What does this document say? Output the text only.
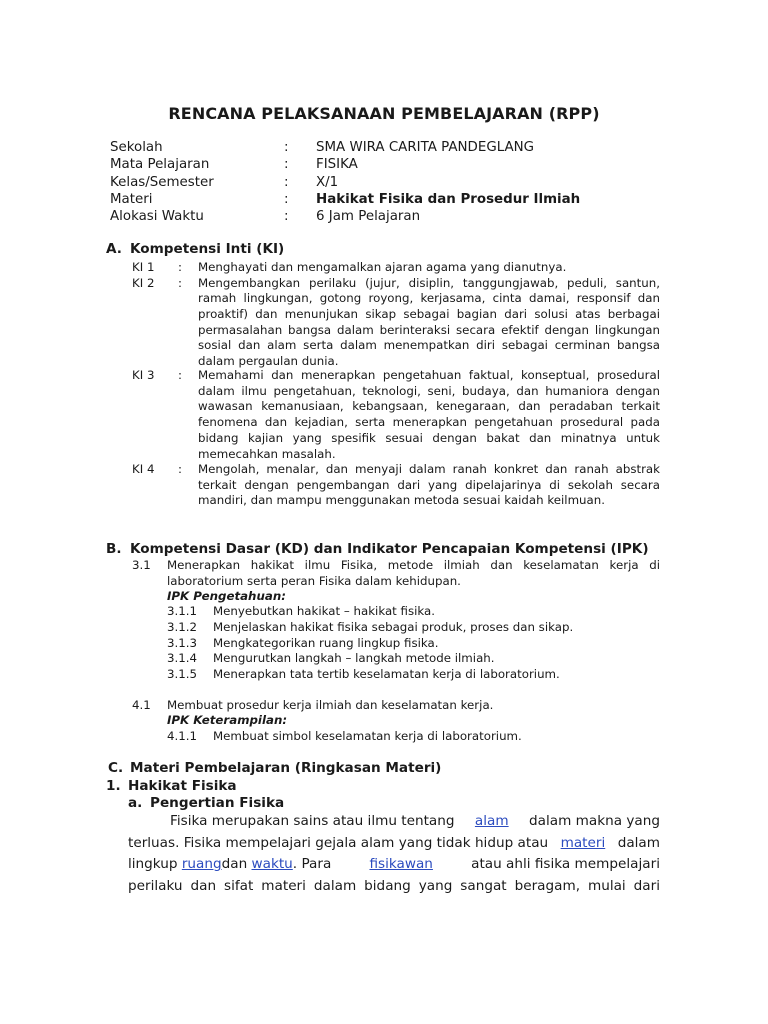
RENCANA PELAKSANAAN PEMBELAJARAN (RPP)
Sekolah	: SMA WIRA CARITA PANDEGLANG
Mata Pelajaran	: FISIKA
Kelas/Semester	: X/1
Materi	: Hakikat Fisika dan Prosedur Ilmiah
Alokasi Waktu	: 6 Jam Pelajaran
A. Kompetensi Inti (KI)
KI 1 : Menghayati dan mengamalkan ajaran agama yang dianutnya.
KI 2 : Mengembangkan perilaku (jujur, disiplin, tanggungjawab, peduli, santun, ramah lingkungan, gotong royong, kerjasama, cinta damai, responsif dan proaktif) dan menunjukan sikap sebagai bagian dari solusi atas berbagai permasalahan bangsa dalam berinteraksi secara efektif dengan lingkungan sosial dan alam serta dalam menempatkan diri sebagai cerminan bangsa dalam pergaulan dunia.
KI 3 : Memahami dan menerapkan pengetahuan faktual, konseptual, prosedural dalam ilmu pengetahuan, teknologi, seni, budaya, dan humaniora dengan wawasan kemanusiaan, kebangsaan, kenegaraan, dan peradaban terkait fenomena dan kejadian, serta menerapkan pengetahuan prosedural pada bidang kajian yang spesifik sesuai dengan bakat dan minatnya untuk memecahkan masalah.
KI 4 : Mengolah, menalar, dan menyaji dalam ranah konkret dan ranah abstrak terkait dengan pengembangan dari yang dipelajarinya di sekolah secara mandiri, dan mampu menggunakan metoda sesuai kaidah keilmuan.
B. Kompetensi Dasar (KD) dan Indikator Pencapaian Kompetensi (IPK)
3.1 Menerapkan hakikat ilmu Fisika, metode ilmiah dan keselamatan kerja di laboratorium serta peran Fisika dalam kehidupan.
IPK Pengetahuan:
3.1.1 Menyebutkan hakikat – hakikat fisika.
3.1.2 Menjelaskan hakikat fisika sebagai produk, proses dan sikap.
3.1.3 Mengkategorikan ruang lingkup fisika.
3.1.4 Mengurutkan langkah – langkah metode ilmiah.
3.1.5 Menerapkan tata tertib keselamatan kerja di laboratorium.
4.1 Membuat prosedur kerja ilmiah dan keselamatan kerja.
IPK Keterampilan:
4.1.1 Membuat simbol keselamatan kerja di laboratorium.
C. Materi Pembelajaran (Ringkasan Materi)
1. Hakikat Fisika
a. Pengertian Fisika
Fisika merupakan sains atau ilmu tentang alam dalam makna yang
terluas. Fisika mempelajari gejala alam yang tidak hidup atau materi dalam
lingkup ruangdan waktu. Para	fisikawan	atau ahli fisika mempelajari
perilaku dan sifat materi dalam bidang yang sangat beragam, mulai dari
